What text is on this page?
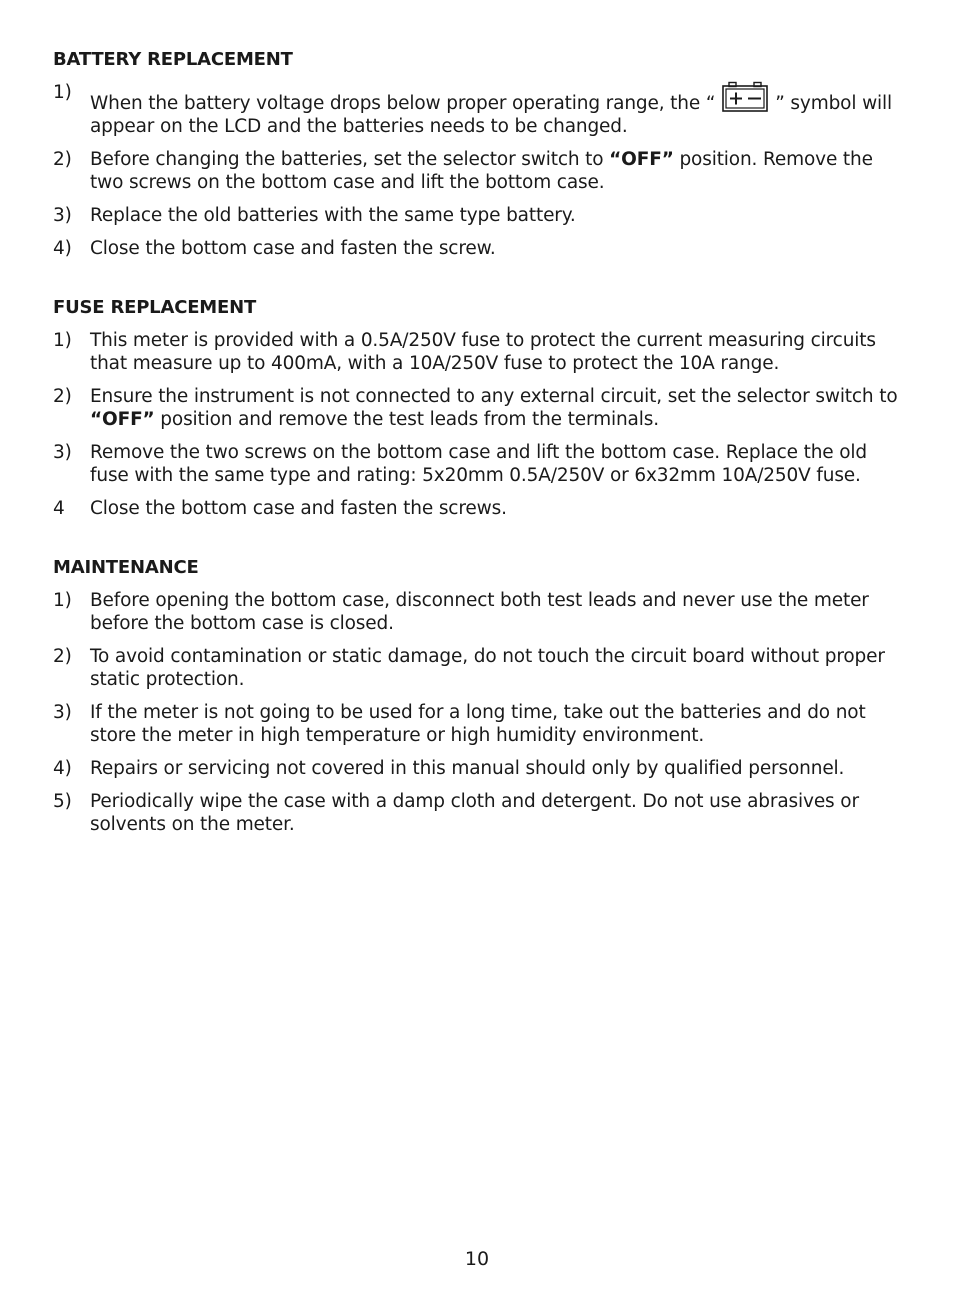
BATTERY REPLACEMENT
1)
When the battery voltage drops below proper operating range, the “	” symbol will appear on the LCD and the batteries needs to be changed.
2) Before changing the batteries, set the selector switch to “OFF” position. Remove the two screws on the bottom case and lift the bottom case.
3) Replace the old batteries with the same type battery.
4) Close the bottom case and fasten the screw.
FUSE REPLACEMENT
1) This meter is provided with a 0.5A/250V fuse to protect the current measuring circuits that measure up to 400mA, with a 10A/250V fuse to protect the 10A range.
2) Ensure the instrument is not connected to any external circuit, set the selector switch to “OFF” position and remove the test leads from the terminals.
3) Remove the two screws on the bottom case and lift the bottom case. Replace the old fuse with the same type and rating: 5x20mm 0.5A/250V or 6x32mm 10A/250V fuse.
4 Close the bottom case and fasten the screws.
MAINTENANCE
1) Before opening the bottom case, disconnect both test leads and never use the meter before the bottom case is closed.
2) To avoid contamination or static damage, do not touch the circuit board without proper static protection.
3) If the meter is not going to be used for a long time, take out the batteries and do not store the meter in high temperature or high humidity environment.
4) Repairs or servicing not covered in this manual should only by qualified personnel.
5) Periodically wipe the case with a damp cloth and detergent. Do not use abrasives or solvents on the meter.
10
